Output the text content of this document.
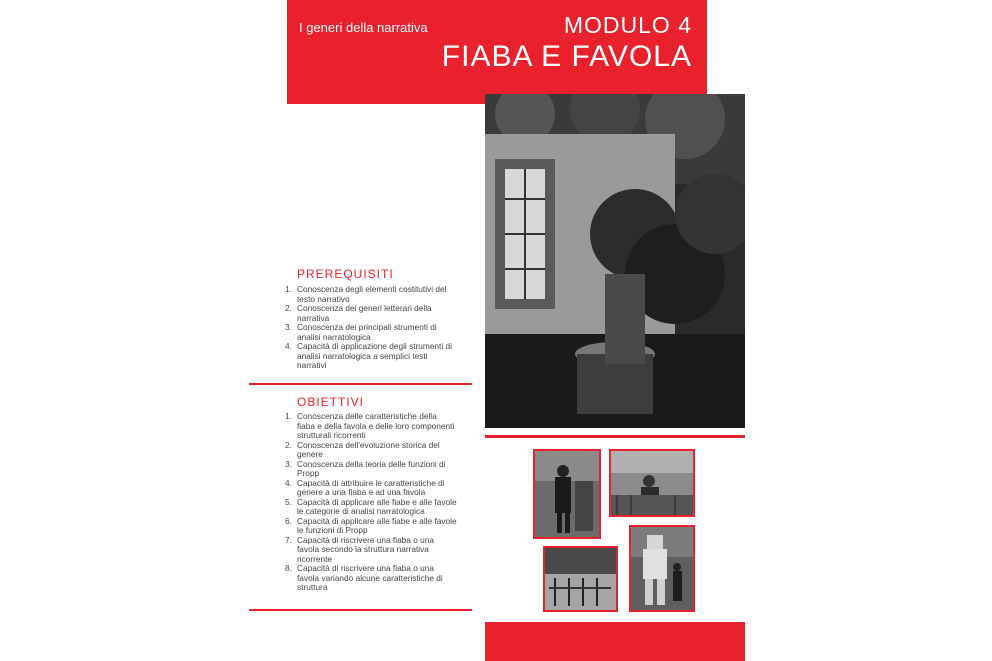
I generi della narrativa	MODULO 4
FIABA E FAVOLA
PREREQUISITI
1. Conoscenza degli elementi costitutivi del testo narrativo
2. Conoscenza dei generi letterari della narrativa
3. Conoscenza dei principali strumenti di analisi narratologica
4. Capacità di applicazione degli strumenti di analisi narratologica a semplici testi narrativi
OBIETTIVI
1. Conoscenza delle caratteristiche della fiaba e della favola e delle loro componenti strutturali ricorrenti
2. Conoscenza dell'evoluzione storica del genere
3. Conoscenza della teoria delle funzioni di Propp
4. Capacità di attribuire le caratteristiche di genere a una fiaba e ad una favola
5. Capacità di applicare alle fiabe e alle favole le categorie di analisi narratologica
6. Capacità di applicare alle fiabe e alle favole le funzioni di Propp
7. Capacità di riscrivere una fiaba o una favola secondo la struttura narrativa ricorrente
8. Capacità di riscrivere una fiaba o una favola variando alcune caratteristiche di struttura
